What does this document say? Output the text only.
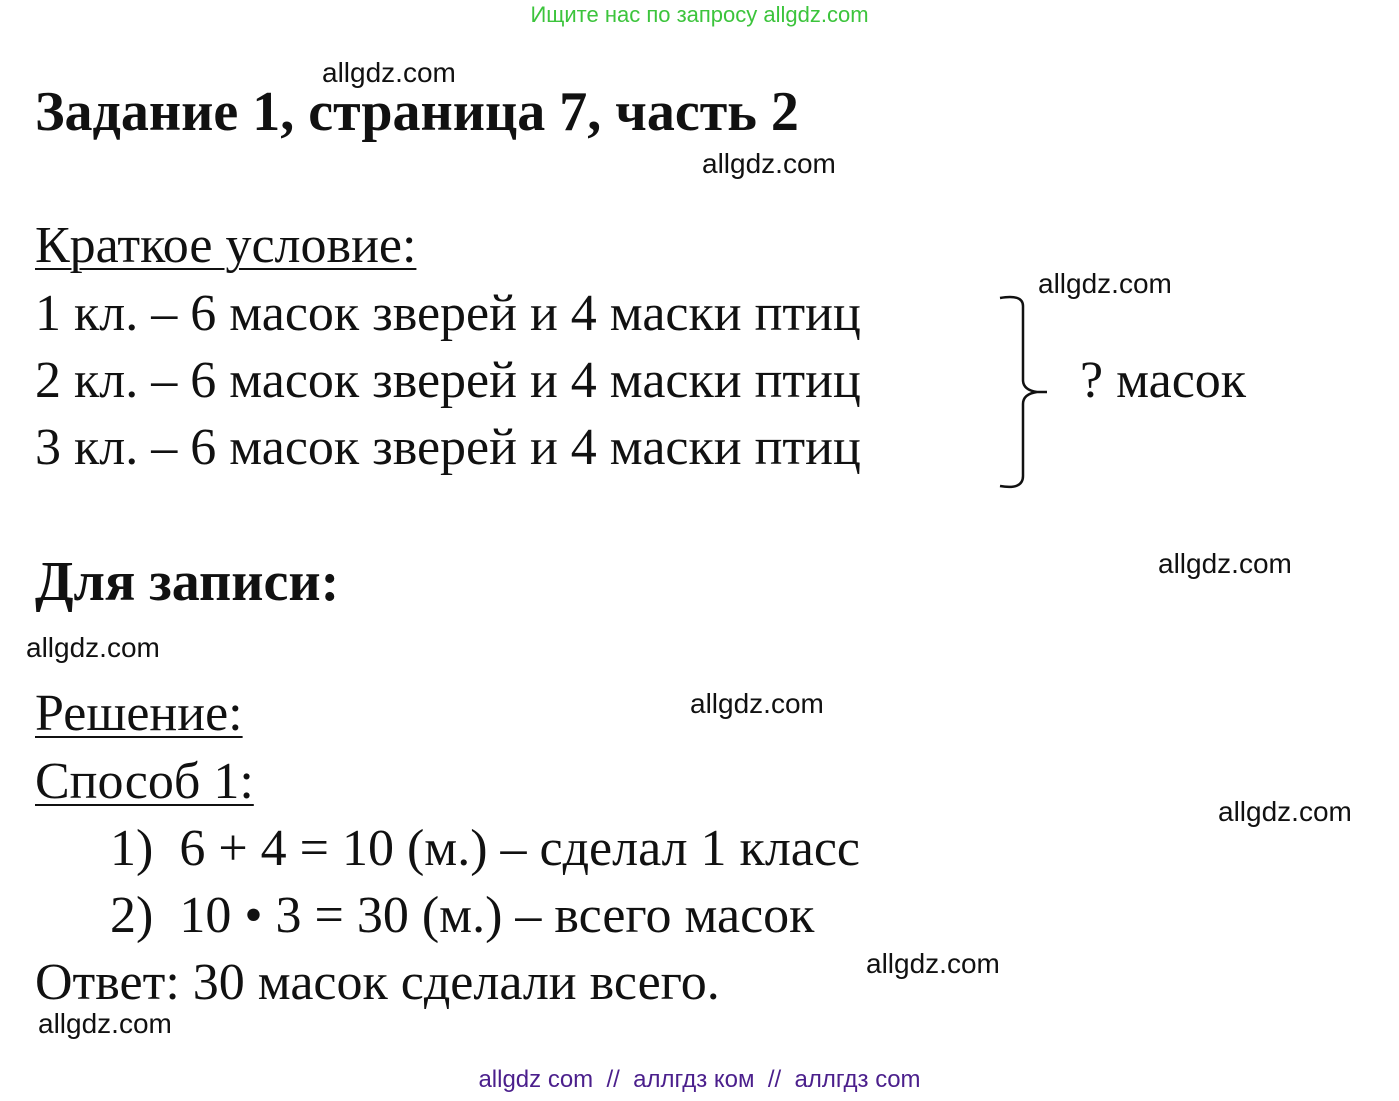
Ищите нас по запросу allgdz.com
Задание 1, страница 7, часть 2
allgdz.com
allgdz.com
allgdz.com
allgdz.com
allgdz.com
allgdz.com
allgdz.com
allgdz.com
allgdz.com
Краткое условие:
1 кл. – 6 масок зверей и 4 маски птиц
2 кл. – 6 масок зверей и 4 маски птиц
3 кл. – 6 масок зверей и 4 маски птиц
? масок
Для записи:
Решение:
Способ 1:
1)  6 + 4 = 10 (м.) – сделал 1 класс
2)  10 • 3 = 30 (м.) – всего масок
Ответ: 30 масок сделали всего.
allgdz com  //  аллгдз ком  //  аллгдз com
